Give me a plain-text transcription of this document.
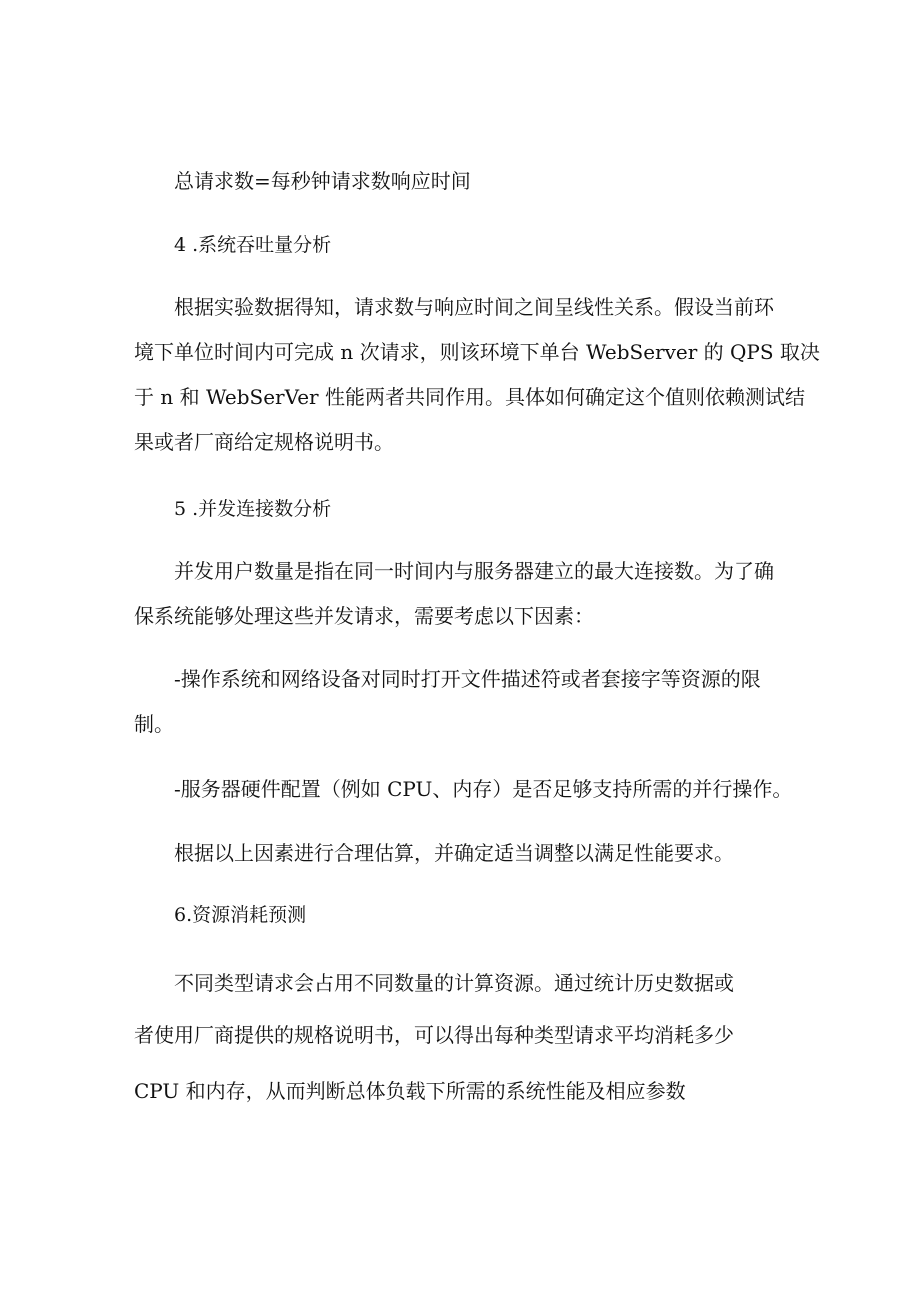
总请求数=每秒钟请求数响应时间
4 .系统吞吐量分析
根据实验数据得知，请求数与响应时间之间呈线性关系。假设当前环
境下单位时间内可完成 n 次请求，则该环境下单台 WebServer 的 QPS 取决
于 n 和 WebSerVer 性能两者共同作用。具体如何确定这个值则依赖测试结
果或者厂商给定规格说明书。
5 .并发连接数分析
并发用户数量是指在同一时间内与服务器建立的最大连接数。为了确
保系统能够处理这些并发请求，需要考虑以下因素：
-操作系统和网络设备对同时打开文件描述符或者套接字等资源的限
制。
-服务器硬件配置（例如 CPU、内存）是否足够支持所需的并行操作。
根据以上因素进行合理估算，并确定适当调整以满足性能要求。
6.资源消耗预测
不同类型请求会占用不同数量的计算资源。通过统计历史数据或
者使用厂商提供的规格说明书，可以得出每种类型请求平均消耗多少
CPU 和内存，从而判断总体负载下所需的系统性能及相应参数
